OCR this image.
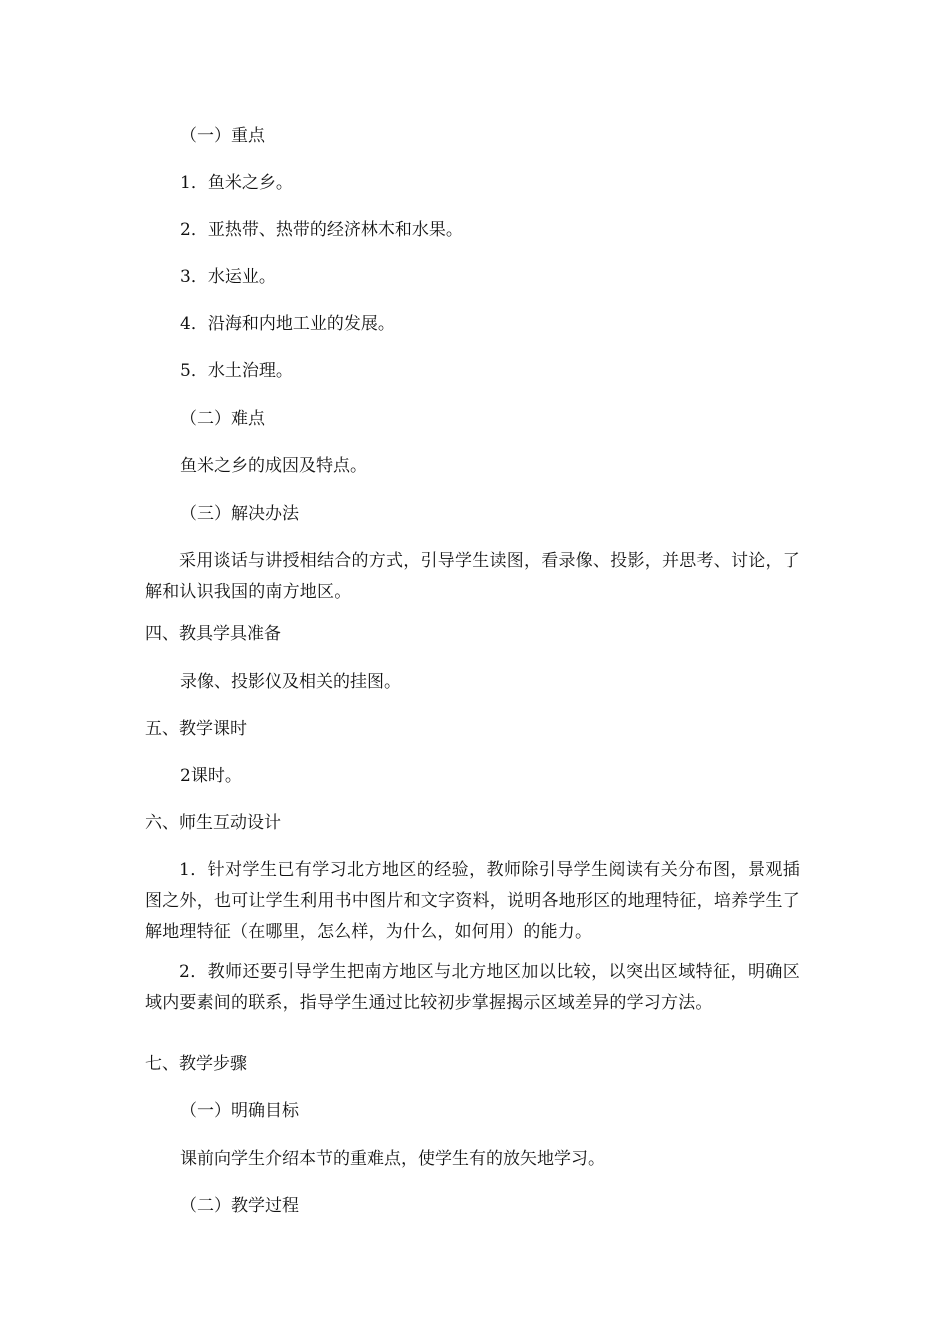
（一）重点
1．鱼米之乡。
2．亚热带、热带的经济林木和水果。
3．水运业。
4．沿海和内地工业的发展。
5．水土治理。
（二）难点
鱼米之乡的成因及特点。
（三）解决办法
采用谈话与讲授相结合的方式，引导学生读图，看录像、投影，并思考、讨论，了解和认识我国的南方地区。
四、教具学具准备
录像、投影仪及相关的挂图。
五、教学课时
2课时。
六、师生互动设计
1．针对学生已有学习北方地区的经验，教师除引导学生阅读有关分布图，景观插图之外，也可让学生利用书中图片和文字资料，说明各地形区的地理特征，培养学生了解地理特征（在哪里，怎么样，为什么，如何用）的能力。
2．教师还要引导学生把南方地区与北方地区加以比较，以突出区域特征，明确区域内要素间的联系，指导学生通过比较初步掌握揭示区域差异的学习方法。
七、教学步骤
（一）明确目标
课前向学生介绍本节的重难点，使学生有的放矢地学习。
（二）教学过程
